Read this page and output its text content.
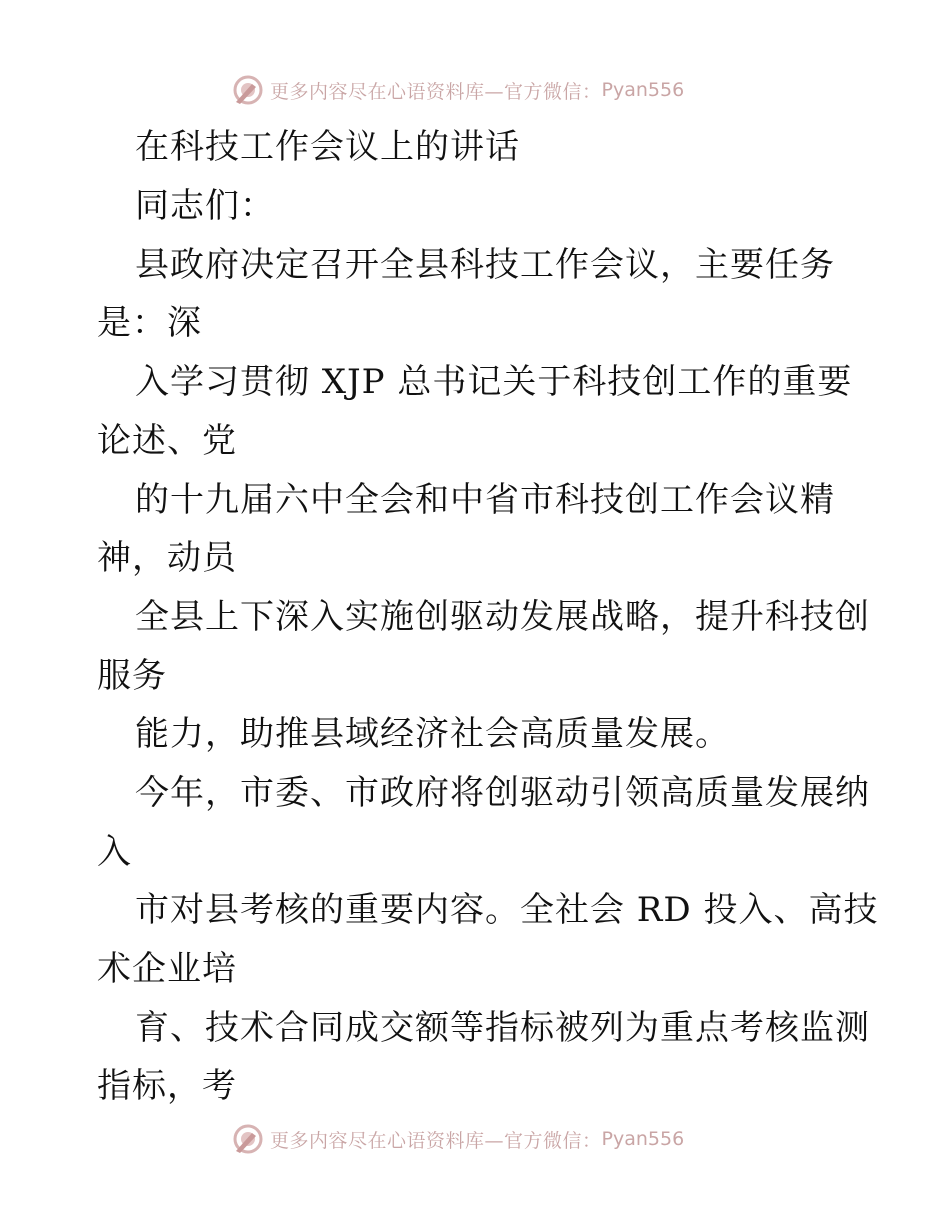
更多内容尽在心语资料库—官方微信： Pyan556
在科技工作会议上的讲话
同志们：
县政府决定召开全县科技工作会议，主要任务
是：深
入学习贯彻 XJP 总书记关于科技创工作的重要
论述、党
的十九届六中全会和中省市科技创工作会议精
神，动员
全县上下深入实施创驱动发展战略，提升科技创
服务
能力，助推县域经济社会高质量发展。
今年，市委、市政府将创驱动引领高质量发展纳
入
市对县考核的重要内容。全社会 RD 投入、高技
术企业培
育、技术合同成交额等指标被列为重点考核监测
指标，考
更多内容尽在心语资料库—官方微信： Pyan556
